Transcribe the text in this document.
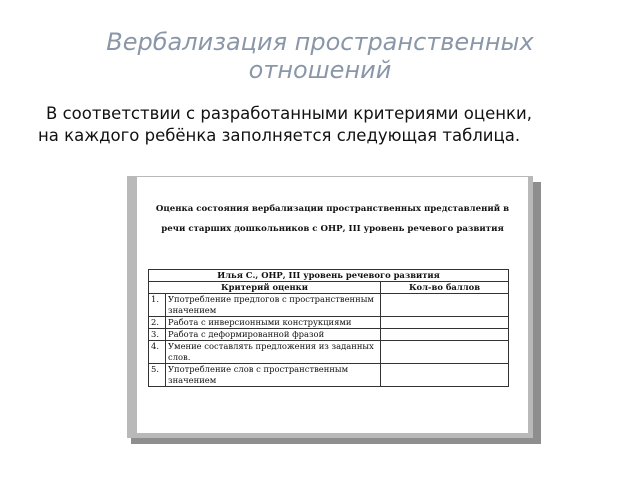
Вербализация пространственных
отношений
В соответствии с разработанными критериями оценки,
на каждого ребёнка заполняется следующая таблица.
Оценка состояния вербализации пространственных представлений в
речи старших дошкольников с ОНР, III уровень речевого развития
Илья С., ОНР, III уровень речевого развития		
Критерий оценки		Кол-во баллов
1.	Употребление предлогов с пространственным значением	
2.	Работа с инверсионными конструкциями	
3.	Работа с деформированной фразой	
4.	Умение составлять предложения из заданных слов.	
5.	Употребление слов с пространственным значением	
